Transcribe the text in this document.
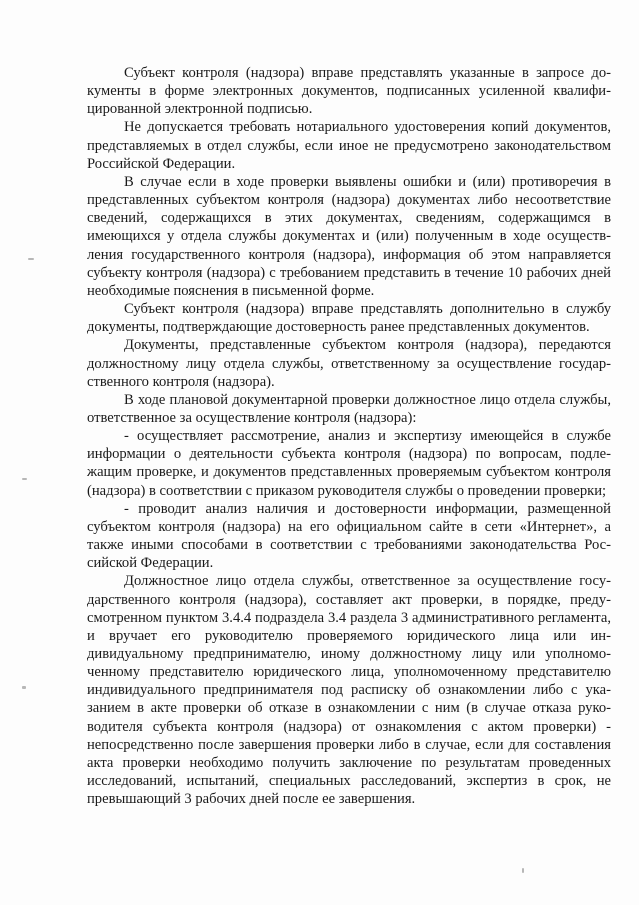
Субъект контроля (надзора) вправе представлять указанные в запросе документы в форме электронных документов, подписанных усиленной квалифицированной электронной подписью.

Не допускается требовать нотариального удостоверения копий документов, представляемых в отдел службы, если иное не предусмотрено законодательством Российской Федерации.

В случае если в ходе проверки выявлены ошибки и (или) противоречия в представленных субъектом контроля (надзора) документах либо несоответствие сведений, содержащихся в этих документах, сведениям, содержащимся в имеющихся у отдела службы документах и (или) полученным в ходе осуществления государственного контроля (надзора), информация об этом направляется субъекту контроля (надзора) с требованием представить в течение 10 рабочих дней необходимые пояснения в письменной форме.

Субъект контроля (надзора) вправе представлять дополнительно в службу документы, подтверждающие достоверность ранее представленных документов.

Документы, представленные субъектом контроля (надзора), передаются должностному лицу отдела службы, ответственному за осуществление государственного контроля (надзора).

В ходе плановой документарной проверки должностное лицо отдела службы, ответственное за осуществление контроля (надзора):

- осуществляет рассмотрение, анализ и экспертизу имеющейся в службе информации о деятельности субъекта контроля (надзора) по вопросам, подлежащим проверке, и документов представленных проверяемым субъектом контроля (надзора) в соответствии с приказом руководителя службы о проведении проверки;

- проводит анализ наличия и достоверности информации, размещенной субъектом контроля (надзора) на его официальном сайте в сети «Интернет», а также иными способами в соответствии с требованиями законодательства Российской Федерации.

Должностное лицо отдела службы, ответственное за осуществление государственного контроля (надзора), составляет акт проверки, в порядке, предусмотренном пунктом 3.4.4 подраздела 3.4 раздела 3 административного регламента, и вручает его руководителю проверяемого юридического лица или индивидуальному предпринимателю, иному должностному лицу или уполномоченному представителю юридического лица, уполномоченному представителю индивидуального предпринимателя под расписку об ознакомлении либо с указанием в акте проверки об отказе в ознакомлении с ним (в случае отказа руководителя субъекта контроля (надзора) от ознакомления с актом проверки) - непосредственно после завершения проверки либо в случае, если для составления акта проверки необходимо получить заключение по результатам проведенных исследований, испытаний, специальных расследований, экспертиз в срок, не превышающий 3 рабочих дней после ее завершения.
